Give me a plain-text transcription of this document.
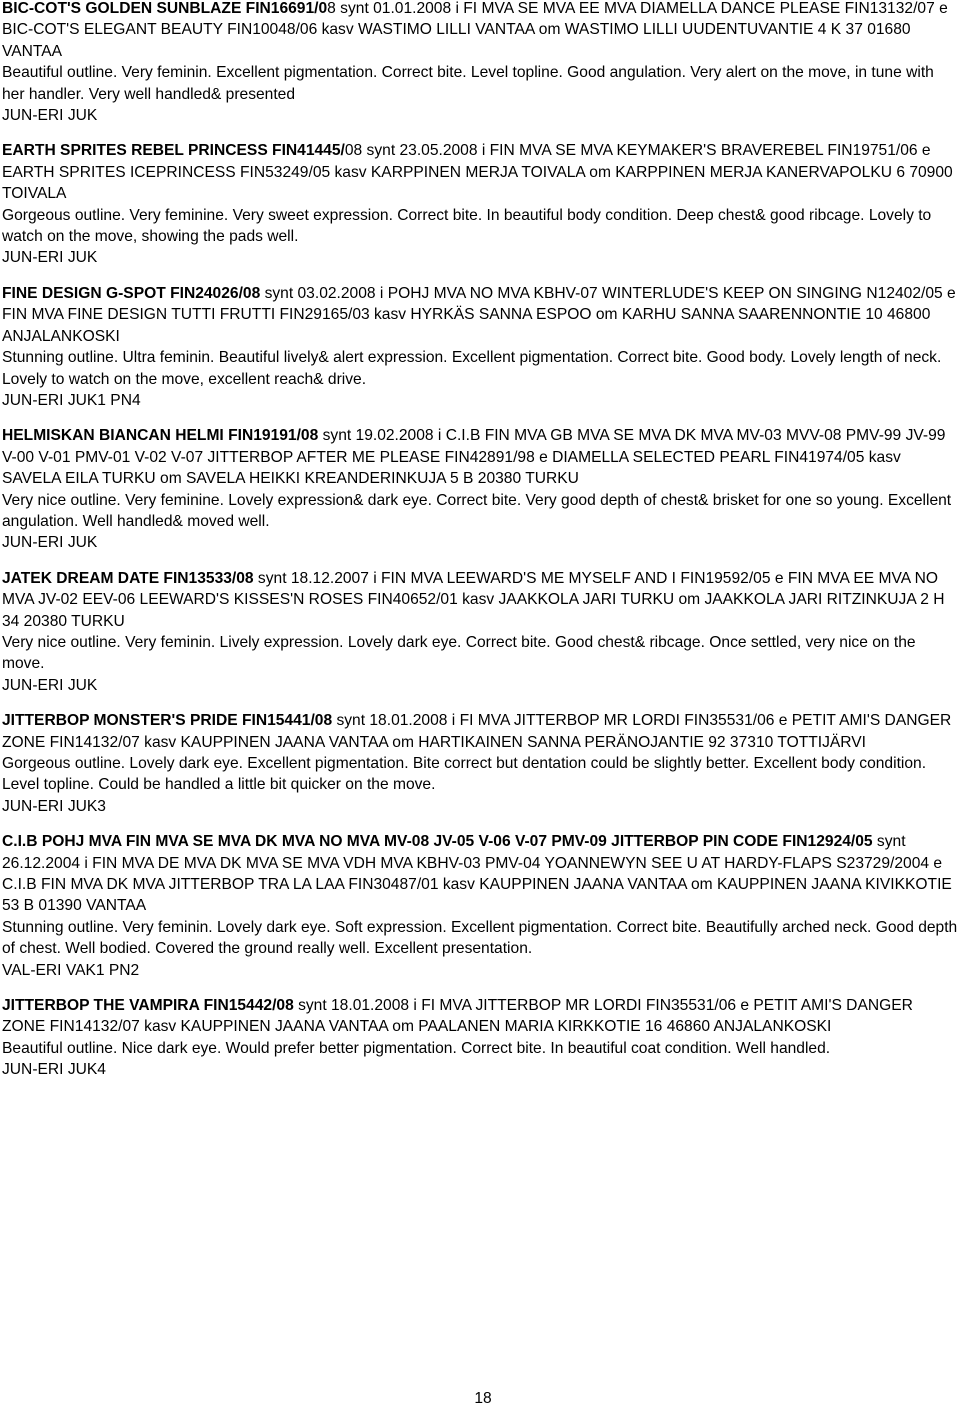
BIC-COT'S GOLDEN SUNBLAZE FIN16691/08 synt 01.01.2008 i FI MVA SE MVA EE MVA DIAMELLA DANCE PLEASE FIN13132/07 e BIC-COT'S ELEGANT BEAUTY FIN10048/06 kasv WASTIMO LILLI VANTAA om WASTIMO LILLI UUDENTUVANTIE 4 K 37 01680 VANTAA

Beautiful outline. Very feminin. Excellent pigmentation. Correct bite. Level topline. Good angulation. Very alert on the move, in tune with her handler. Very well handled& presented

JUN-ERI JUK

EARTH SPRITES REBEL PRINCESS FIN41445/08 synt 23.05.2008 i FIN MVA SE MVA KEYMAKER'S BRAVEREBEL FIN19751/06 e EARTH SPRITES ICEPRINCESS FIN53249/05 kasv KARPPINEN MERJA TOIVALA om KARPPINEN MERJA KANERVAPOLKU 6 70900 TOIVALA

Gorgeous outline. Very feminine. Very sweet expression. Correct bite. In beautiful body condition. Deep chest& good ribcage. Lovely to watch on the move, showing the pads well.

JUN-ERI JUK

FINE DESIGN G-SPOT FIN24026/08 synt 03.02.2008 i POHJ MVA NO MVA KBHV-07 WINTERLUDE'S KEEP ON SINGING N12402/05 e FIN MVA FINE DESIGN TUTTI FRUTTI FIN29165/03 kasv HYRKÄS SANNA ESPOO om KARHU SANNA SAARENNONTIE 10 46800 ANJALANKOSKI

Stunning outline. Ultra feminin. Beautiful lively& alert expression. Excellent pigmentation. Correct bite. Good body. Lovely length of neck. Lovely to watch on the move, excellent reach& drive.

JUN-ERI JUK1 PN4

HELMISKAN BIANCAN HELMI FIN19191/08 synt 19.02.2008 i C.I.B FIN MVA GB MVA SE MVA DK MVA MV-03 MVV-08 PMV-99 JV-99 V-00 V-01 PMV-01 V-02 V-07 JITTERBOP AFTER ME PLEASE FIN42891/98 e DIAMELLA SELECTED PEARL FIN41974/05 kasv SAVELA EILA TURKU om SAVELA HEIKKI KREANDERINKUJA 5 B 20380 TURKU

Very nice outline. Very feminine. Lovely expression& dark eye. Correct bite. Very good depth of chest& brisket for one so young. Excellent angulation. Well handled& moved well.

JUN-ERI JUK

JATEK DREAM DATE FIN13533/08 synt 18.12.2007 i FIN MVA LEEWARD'S ME MYSELF AND I FIN19592/05 e FIN MVA EE MVA NO MVA JV-02 EEV-06 LEEWARD'S KISSES'N ROSES FIN40652/01 kasv JAAKKOLA JARI TURKU om JAAKKOLA JARI RITZINKUJA 2 H 34 20380 TURKU

Very nice outline. Very feminin. Lively expression. Lovely dark eye. Correct bite. Good chest& ribcage. Once settled, very nice on the move.

JUN-ERI JUK

JITTERBOP MONSTER'S PRIDE FIN15441/08 synt 18.01.2008 i FI MVA JITTERBOP MR LORDI FIN35531/06 e PETIT AMI'S DANGER ZONE FIN14132/07 kasv KAUPPINEN JAANA VANTAA om HARTIKAINEN SANNA PERÄNOJANTIE 92 37310 TOTTIJÄRVI

Gorgeous outline. Lovely dark eye. Excellent pigmentation. Bite correct but dentation could be slightly better. Excellent body condition. Level topline. Could be handled a little bit quicker on the move.

JUN-ERI JUK3

C.I.B POHJ MVA FIN MVA SE MVA DK MVA NO MVA MV-08 JV-05 V-06 V-07 PMV-09 JITTERBOP PIN CODE FIN12924/05 synt 26.12.2004 i FIN MVA DE MVA DK MVA SE MVA VDH MVA KBHV-03 PMV-04 YOANNEWYN SEE U AT HARDY-FLAPS S23729/2004 e C.I.B FIN MVA DK MVA JITTERBOP TRA LA LAA FIN30487/01 kasv KAUPPINEN JAANA VANTAA om KAUPPINEN JAANA KIVIKKOTIE 53 B 01390 VANTAA

Stunning outline. Very feminin. Lovely dark eye. Soft expression. Excellent pigmentation. Correct bite. Beautifully arched neck. Good depth of chest. Well bodied. Covered the ground really well. Excellent presentation.

VAL-ERI VAK1 PN2

JITTERBOP THE VAMPIRA FIN15442/08 synt 18.01.2008 i FI MVA JITTERBOP MR LORDI FIN35531/06 e PETIT AMI'S DANGER ZONE FIN14132/07 kasv KAUPPINEN JAANA VANTAA om PAALANEN MARIA KIRKKOTIE 16 46860 ANJALANKOSKI

Beautiful outline. Nice dark eye. Would prefer better pigmentation. Correct bite. In beautiful coat condition. Well handled.

JUN-ERI JUK4

18
